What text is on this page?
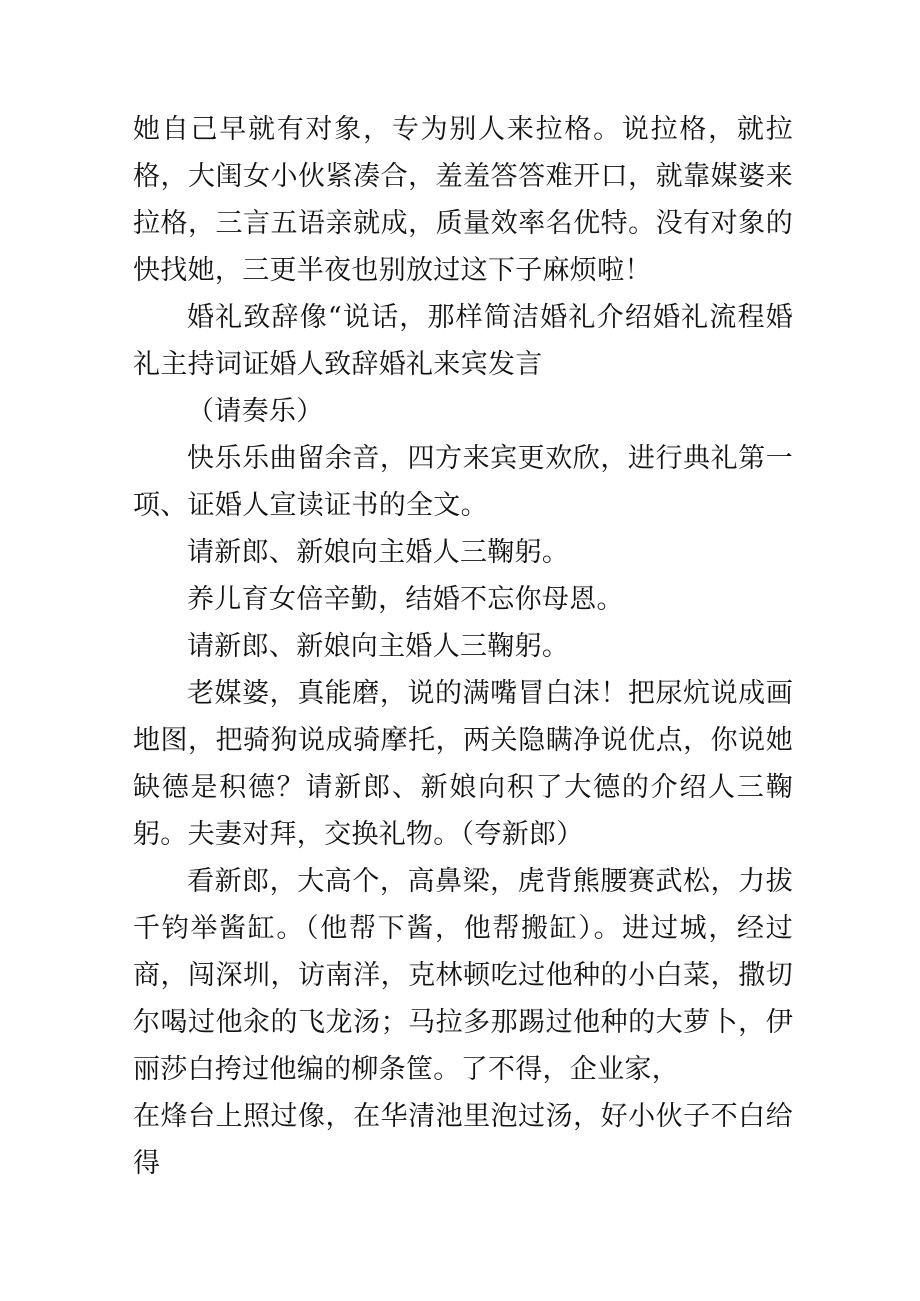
她自己早就有对象，专为别人来拉格。说拉格，就拉格，大闺女小伙紧凑合，羞羞答答难开口，就靠媒婆来拉格，三言五语亲就成，质量效率名优特。没有对象的快找她，三更半夜也别放过这下子麻烦啦！

婚礼致辞像“说话，那样简洁婚礼介绍婚礼流程婚礼主持词证婚人致辞婚礼来宾发言

（请奏乐）

快乐乐曲留余音，四方来宾更欢欣，进行典礼第一项、证婚人宣读证书的全文。

请新郎、新娘向主婚人三鞠躬。

养儿育女倍辛勤，结婚不忘你母恩。

请新郎、新娘向主婚人三鞠躬。

老媒婆，真能磨，说的满嘴冒白沫！把尿炕说成画地图，把骑狗说成骑摩托，两关隐瞒净说优点，你说她缺德是积德？请新郎、新娘向积了大德的介绍人三鞠躬。夫妻对拜，交换礼物。（夸新郎）

看新郎，大高个，高鼻梁，虎背熊腰赛武松，力拔千钧举酱缸。（他帮下酱，他帮搬缸）。进过城，经过商，闯深圳，访南洋，克林顿吃过他种的小白菜，撒切尔喝过他汆的飞龙汤；马拉多那踢过他种的大萝卜，伊丽莎白挎过他编的柳条筐。了不得，企业家，

在烽台上照过像，在华清池里泡过汤，好小伙子不白给得
